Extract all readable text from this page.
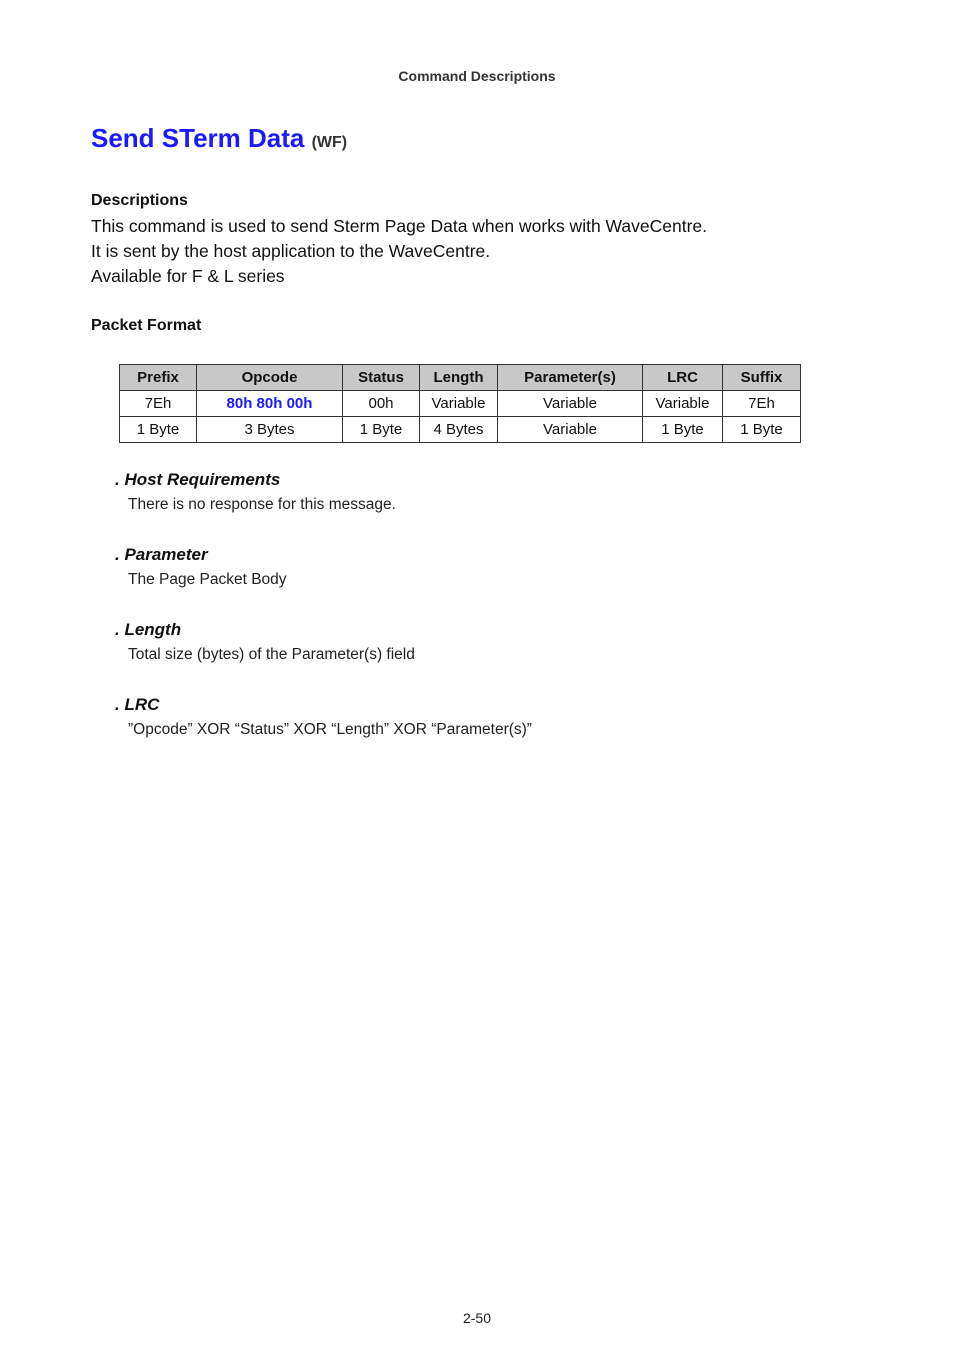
Command Descriptions
Send STerm Data (WF)
Descriptions
This command is used to send Sterm Page Data when works with WaveCentre.
It is sent by the host application to the WaveCentre.
Available for F & L series
Packet Format
Prefix	Opcode	Status	Length	Parameter(s)	LRC	Suffix
7Eh	80h 80h 00h	00h	Variable	Variable	Variable	7Eh
1 Byte	3 Bytes	1 Byte	4 Bytes	Variable	1 Byte	1 Byte
. Host Requirements
There is no response for this message.
. Parameter
The Page Packet Body
. Length
Total size (bytes) of the Parameter(s) field
. LRC
”Opcode” XOR “Status” XOR “Length” XOR “Parameter(s)”
2-50
